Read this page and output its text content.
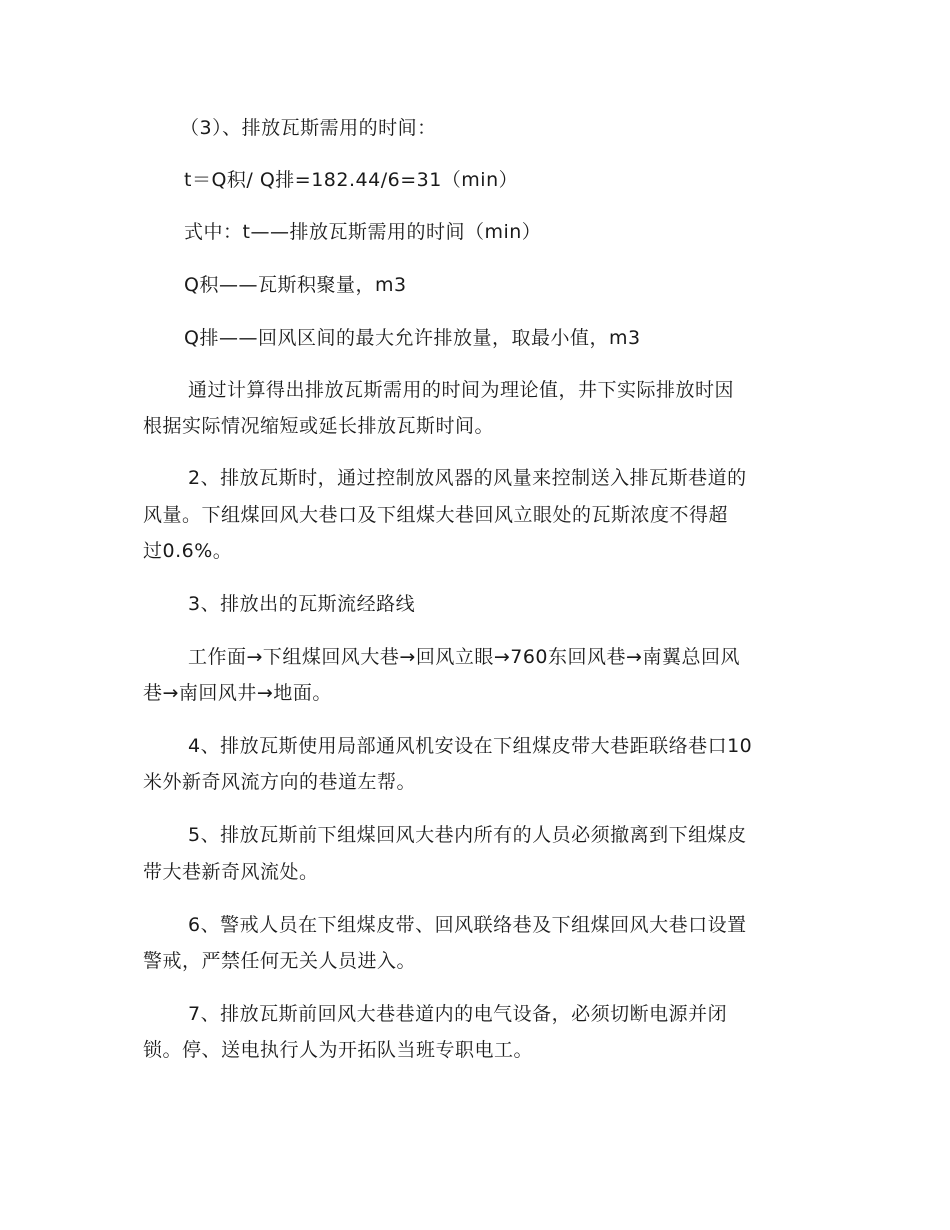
（3）、排放瓦斯需用的时间：
t＝Q积/ Q排=182.44/6=31（min）
式中：t——排放瓦斯需用的时间（min）
Q积——瓦斯积聚量，m3
Q排——回风区间的最大允许排放量，取最小值，m3
通过计算得出排放瓦斯需用的时间为理论值，井下实际排放时因
根据实际情况缩短或延长排放瓦斯时间。
2、排放瓦斯时，通过控制放风器的风量来控制送入排瓦斯巷道的
风量。下组煤回风大巷口及下组煤大巷回风立眼处的瓦斯浓度不得超
过0.6%。
3、排放出的瓦斯流经路线
工作面→下组煤回风大巷→回风立眼→760东回风巷→南翼总回风
巷→南回风井→地面。
4、排放瓦斯使用局部通风机安设在下组煤皮带大巷距联络巷口10
米外新奇风流方向的巷道左帮。
5、排放瓦斯前下组煤回风大巷内所有的人员必须撤离到下组煤皮
带大巷新奇风流处。
6、警戒人员在下组煤皮带、回风联络巷及下组煤回风大巷口设置
警戒，严禁任何无关人员进入。
7、排放瓦斯前回风大巷巷道内的电气设备，必须切断电源并闭
锁。停、送电执行人为开拓队当班专职电工。
